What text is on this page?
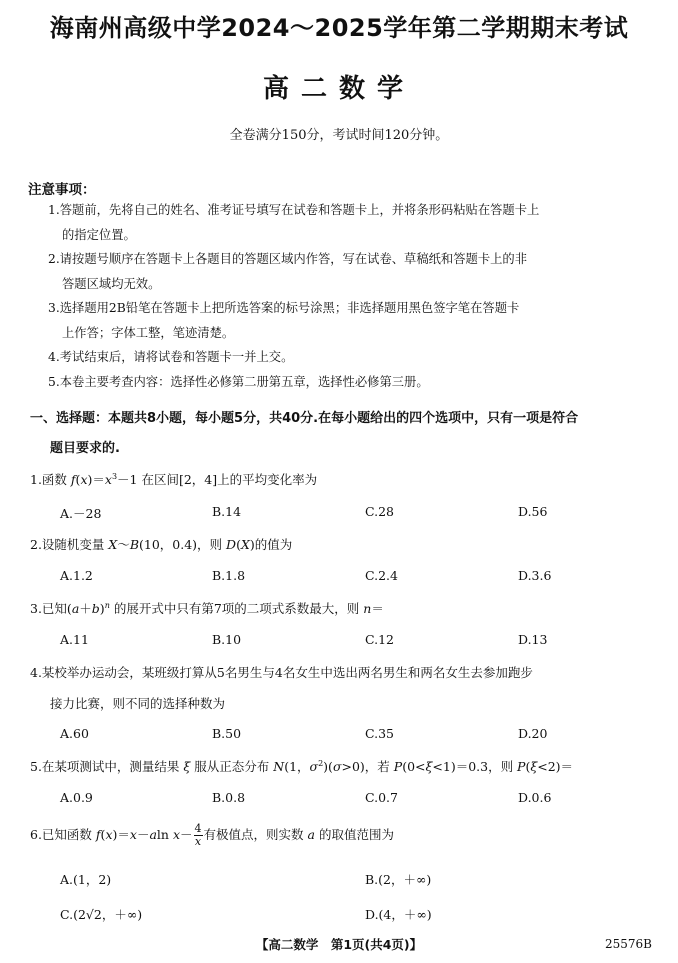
海南州高级中学2024～2025学年第二学期期末考试
高二数学
全卷满分150分，考试时间120分钟。
注意事项：
1.答题前，先将自己的姓名、准考证号填写在试卷和答题卡上，并将条形码粘贴在答题卡上
的指定位置。
2.请按题号顺序在答题卡上各题目的答题区域内作答，写在试卷、草稿纸和答题卡上的非
答题区域均无效。
3.选择题用2B铅笔在答题卡上把所选答案的标号涂黑；非选择题用黑色签字笔在答题卡
上作答；字体工整，笔迹清楚。
4.考试结束后，请将试卷和答题卡一并上交。
5.本卷主要考查内容：选择性必修第二册第五章，选择性必修第三册。
一、选择题：本题共8小题，每小题5分，共40分.在每小题给出的四个选项中，只有一项是符合
题目要求的.
1.函数 $f(x)=x^3-1$ 在区间[2，4]上的平均变化率为
A.－28	B.14	C.28	D.56
2.设随机变量 X～B(10，0.4)，则 D(X)的值为
A.1.2	B.1.8	C.2.4	D.3.6
3.已知$(a+b)^n$ 的展开式中只有第7项的二项式系数最大，则 n＝
A.11	B.10	C.12	D.13
4.某校举办运动会，某班级打算从5名男生与4名女生中选出两名男生和两名女生去参加跑步
接力比赛，则不同的选择种数为
A.60	B.50	C.35	D.20
5.在某项测试中，测量结果 ξ 服从正态分布 N(1，$\sigma^2)(\sigma>0)$，若 P(0<ξ<1)＝0.3，则 P(ξ<2)＝
A.0.9	B.0.8	C.0.7	D.0.6
6.已知函数 f(x)＝x－aln $x- \frac{4}{x}$ 有极值点，则实数 a 的取值范围为
A.(1，2)	B.(2，＋∞)
C.(2√2，＋∞)	D.(4，＋∞)
【高二数学　第1页(共4页)】	25576B
